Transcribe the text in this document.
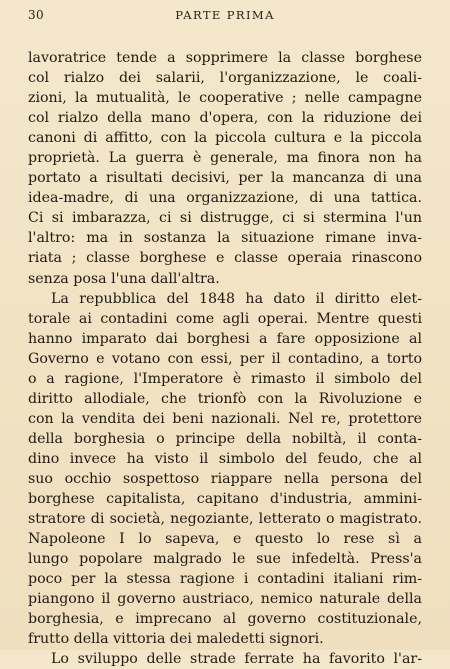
30	PARTE PRIMA
lavoratrice tende a sopprimere la classe borghese
col rialzo dei salarii, l'organizzazione, le coali-
zioni, la mutualità, le cooperative ; nelle campagne
col rialzo della mano d'opera, con la riduzione dei
canoni di affitto, con la piccola cultura e la piccola
proprietà. La guerra è generale, ma finora non ha
portato a risultati decisivi, per la mancanza di una
idea-madre, di una organizzazione, di una tattica.
Ci si imbarazza, ci si distrugge, ci si stermina l'un
l'altro: ma in sostanza la situazione rimane inva-
riata ; classe borghese e classe operaia rinascono
senza posa l'una dall'altra.
La repubblica del 1848 ha dato il diritto elet-
torale ai contadini come agli operai. Mentre questi
hanno imparato dai borghesi a fare opposizione al
Governo e votano con essi, per il contadino, a torto
o a ragione, l'Imperatore è rimasto il simbolo del
diritto allodiale, che trionfò con la Rivoluzione e
con la vendita dei beni nazionali. Nel re, protettore
della borghesia o principe della nobiltà, il conta-
dino invece ha visto il simbolo del feudo, che al
suo occhio sospettoso riappare nella persona del
borghese capitalista, capitano d'industria, ammini-
stratore di società, negoziante, letterato o magistrato.
Napoleone I lo sapeva, e questo lo rese sì a
lungo popolare malgrado le sue infedeltà. Press'a
poco per la stessa ragione i contadini italiani rim-
piangono il governo austriaco, nemico naturale della
borghesia, e imprecano al governo costituzionale,
frutto della vittoria dei maledetti signori.
Lo sviluppo delle strade ferrate ha favorito l'ar-
